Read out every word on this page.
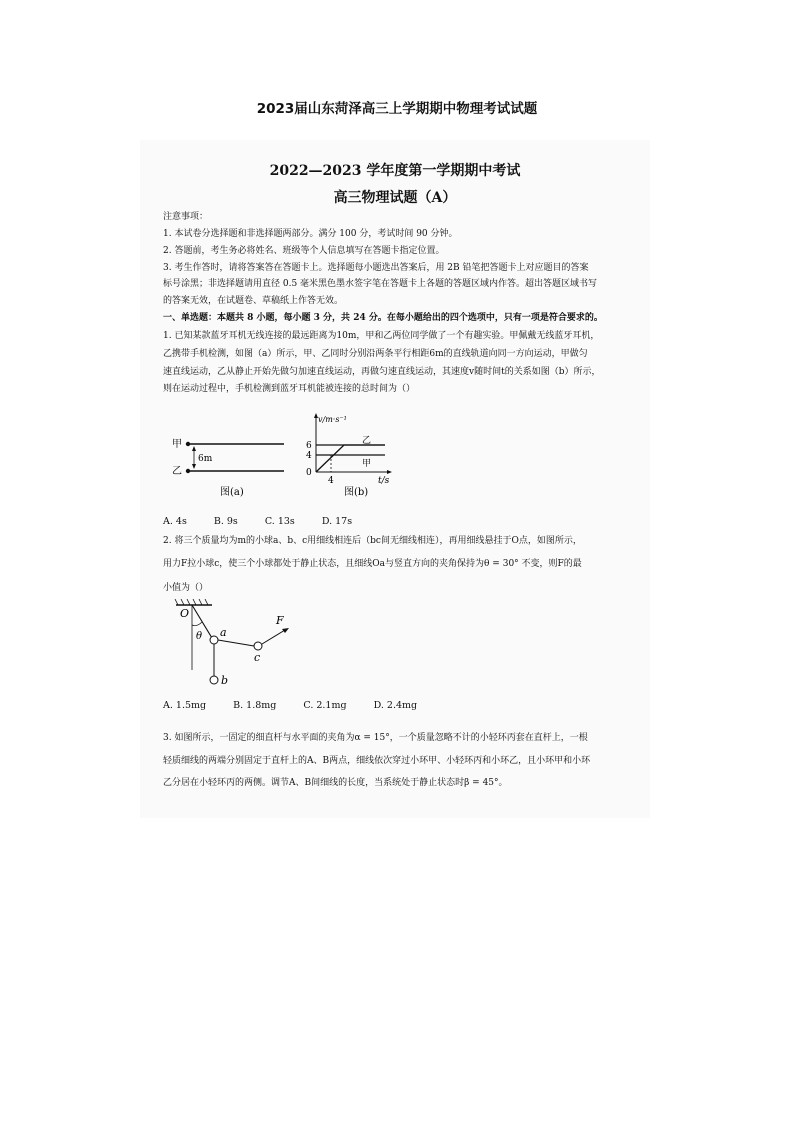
2023届山东菏泽高三上学期期中物理考试试题
2022—2023 学年度第一学期期中考试
高三物理试题（A）
注意事项：
1. 本试卷分选择题和非选择题两部分。满分 100 分，考试时间 90 分钟。
2. 答题前，考生务必将姓名、班级等个人信息填写在答题卡指定位置。
3. 考生作答时，请将答案答在答题卡上。选择题每小题选出答案后，用 2B 铅笔把答题卡上对应题目的答案
标号涂黑；非选择题请用直径 0.5 毫米黑色墨水签字笔在答题卡上各题的答题区域内作答。超出答题区域书写
的答案无效，在试题卷、草稿纸上作答无效。
一、单选题：本题共 8 小题，每小题 3 分，共 24 分。在每小题给出的四个选项中，只有一项是符合要求的。
1. 已知某款蓝牙耳机无线连接的最远距离为10m，甲和乙两位同学做了一个有趣实验。甲佩戴无线蓝牙耳机，
乙携带手机检测，如图（a）所示，甲、乙同时分别沿两条平行相距6m的直线轨道向同一方向运动，甲做匀
速直线运动，乙从静止开始先做匀加速直线运动，再做匀速直线运动，其速度v随时间t的关系如图（b）所示，
则在运动过程中，手机检测到蓝牙耳机能被连接的总时间为（）
甲
乙
6m
图(a)
v/m·s⁻¹
6
4
0
4	t/s
乙
甲
图(b)
A. 4s	B. 9s	C. 13s	D. 17s
2. 将三个质量均为m的小球a、b、c用细线相连后（bc间无细线相连），再用细线悬挂于O点，如图所示，
用力F拉小球c，使三个小球都处于静止状态，且细线Oa与竖直方向的夹角保持为θ = 30° 不变，则F的最
小值为（）
O
θ a
b
c
F
A. 1.5mg	B. 1.8mg	C. 2.1mg	D. 2.4mg
3. 如图所示，一固定的细直杆与水平面的夹角为α = 15°，一个质量忽略不计的小轻环丙套在直杆上，一根
轻质细线的两端分别固定于直杆上的A、B两点，细线依次穿过小环甲、小轻环丙和小环乙，且小环甲和小环
乙分居在小轻环丙的两侧。调节A、B间细线的长度，当系统处于静止状态时β = 45°。
